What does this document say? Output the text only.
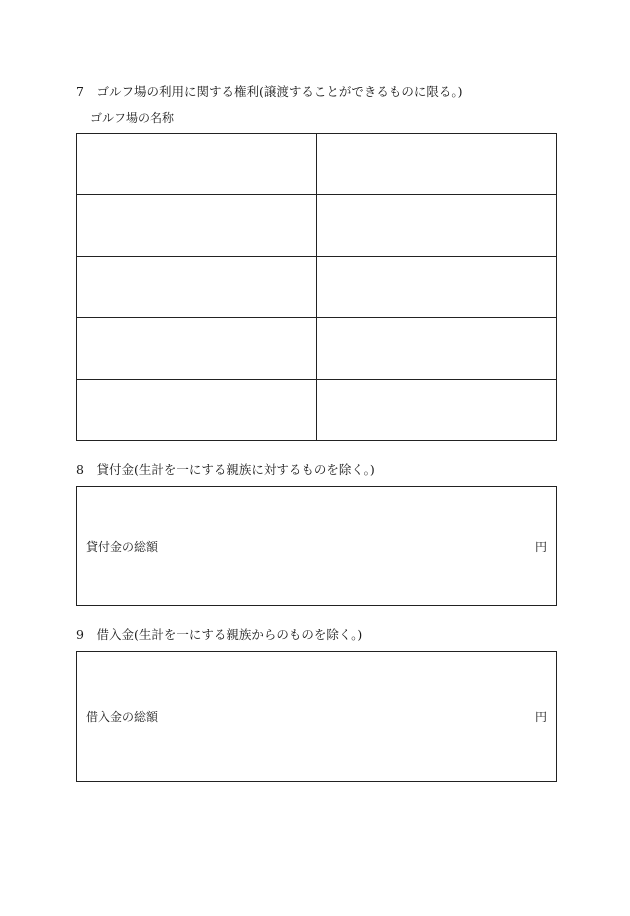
7　ゴルフ場の利用に関する権利(譲渡することができるものに限る。)
ゴルフ場の名称

8　貸付金(生計を一にする親族に対するものを除く。)
貸付金の総額	円
9　借入金(生計を一にする親族からのものを除く。)
借入金の総額	円
